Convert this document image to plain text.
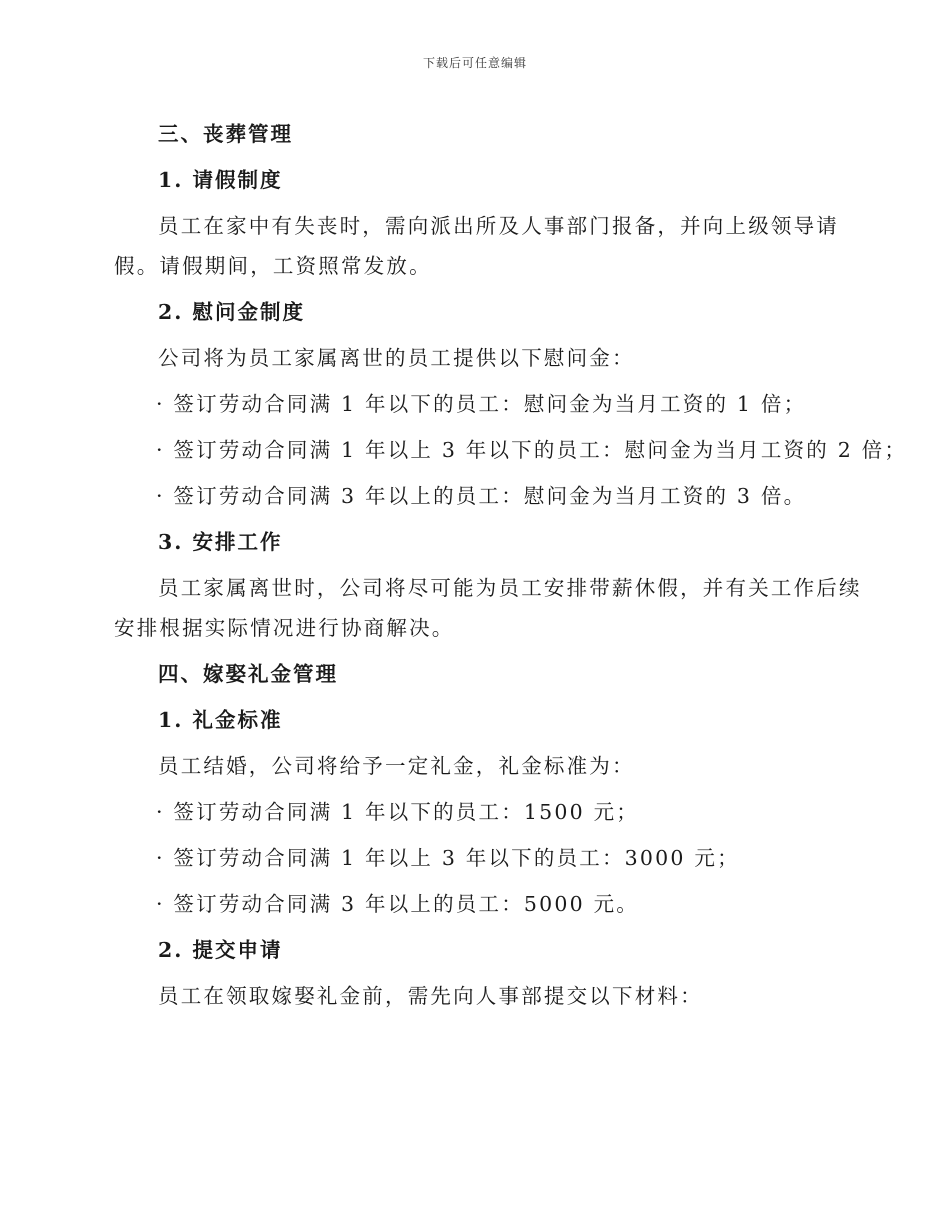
下载后可任意编辑

三、丧葬管理

1. 请假制度

员工在家中有失丧时，需向派出所及人事部门报备，并向上级领导请

假。请假期间，工资照常发放。

2. 慰问金制度

公司将为员工家属离世的员工提供以下慰问金：

· 签订劳动合同满 1 年以下的员工：慰问金为当月工资的 1 倍；

· 签订劳动合同满 1 年以上 3 年以下的员工：慰问金为当月工资的 2 倍；

· 签订劳动合同满 3 年以上的员工：慰问金为当月工资的 3 倍。

3. 安排工作

员工家属离世时，公司将尽可能为员工安排带薪休假，并有关工作后续

安排根据实际情况进行协商解决。

四、嫁娶礼金管理

1. 礼金标准

员工结婚，公司将给予一定礼金，礼金标准为：

· 签订劳动合同满 1 年以下的员工：1500 元；

· 签订劳动合同满 1 年以上 3 年以下的员工：3000 元；

· 签订劳动合同满 3 年以上的员工：5000 元。

2. 提交申请

员工在领取嫁娶礼金前，需先向人事部提交以下材料：
